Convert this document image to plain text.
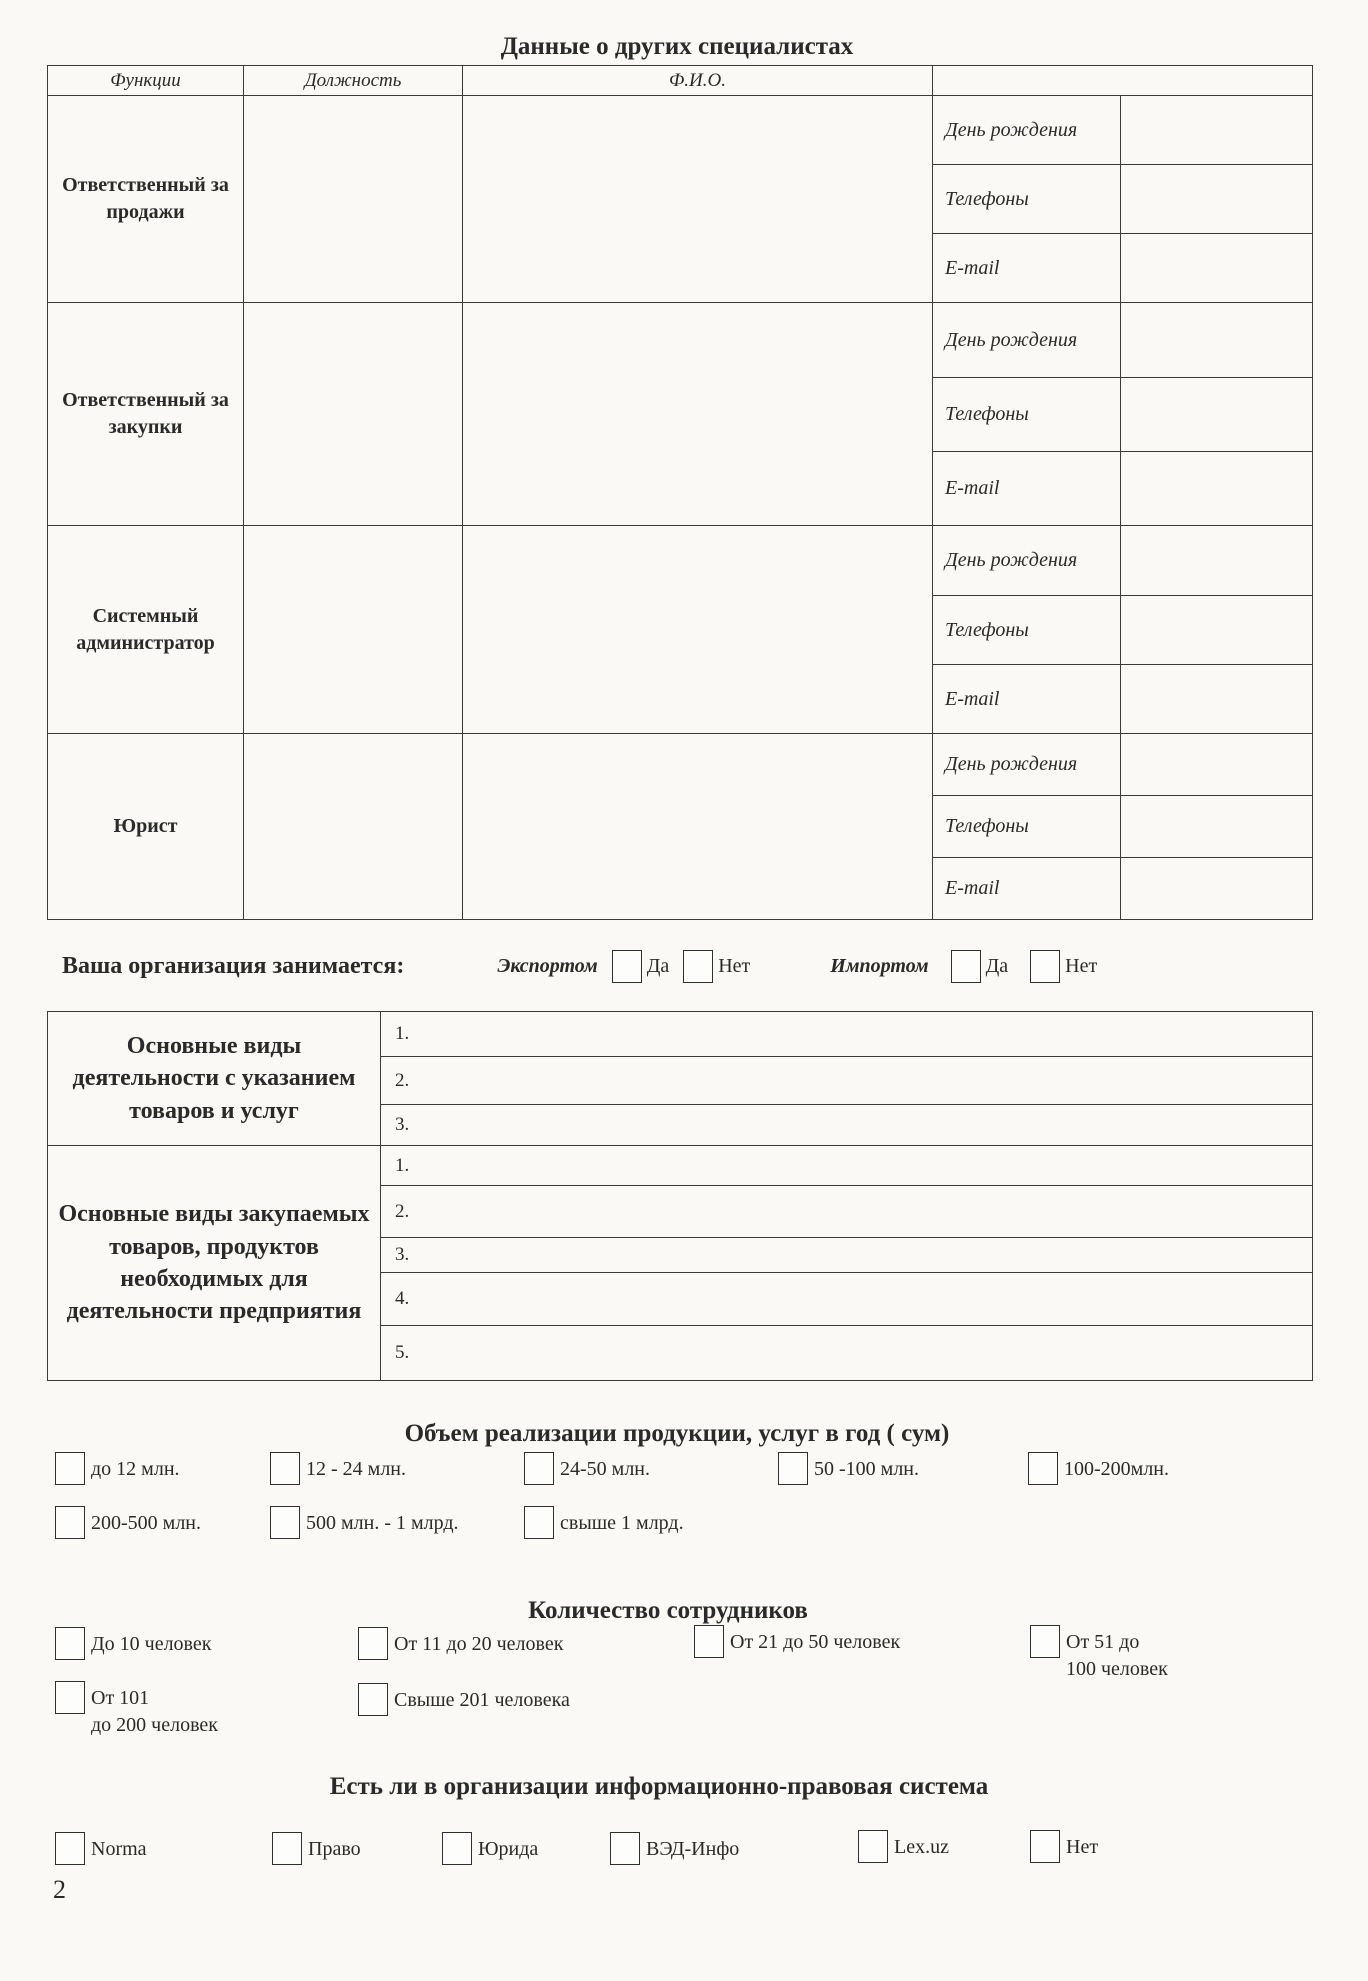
Данные о других специалистах
Функции	Должность	Ф.И.О.		
Ответственный за продажи			День рождения	
			Телефоны	
			E-mail	
Ответственный за закупки			День рождения	
			Телефоны	
			E-mail	
Системный администратор			День рождения	
			Телефоны	
			E-mail	
Юрист			День рождения	
			Телефоны	
			E-mail	
Ваша организация занимается:	Экспортом Да Нет	Импортом	Да	Нет
Основные виды деятельности с указанием товаров и услуг	1.
	2.
	3.
Основные виды закупаемых товаров, продуктов необходимых для деятельности предприятия	1.
	2.
	3.
	4.
	5.
Объем реализации продукции, услуг в год ( сум)
до 12 млн.	12 - 24 млн.	24-50 млн.	50 -100 млн.	100-200млн.
200-500 млн.	500 млн. - 1 млрд.	свыше 1 млрд.
Количество сотрудников
До 10 человек	От 11 до 20 человек	От 21 до 50 человек	От 51 до
100 человек
От 101
до 200 человек
Свыше 201 человека
Есть ли в организации информационно-правовая система
Norma	Право	Юрида	ВЭД-Инфо	Lex.uz	Нет
2
